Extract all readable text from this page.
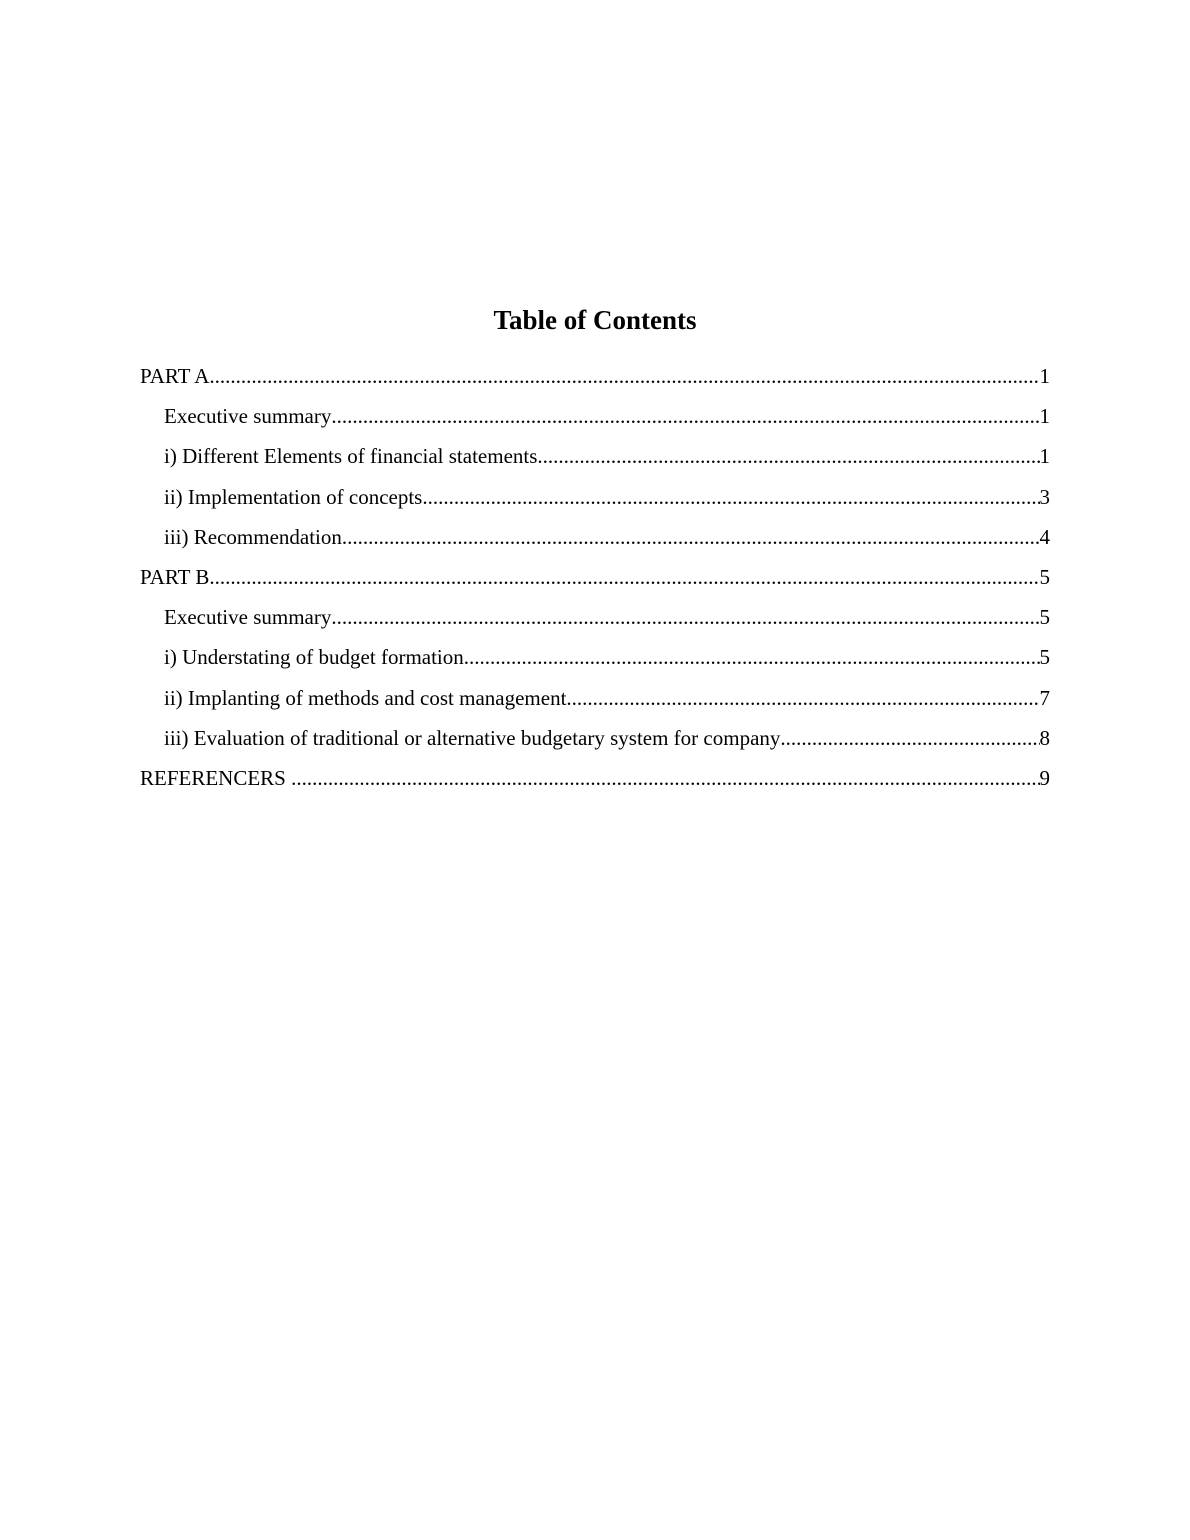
Table of Contents
PART A .....	1
Executive summary .....	1
i) Different Elements of financial statements .....	1
ii) Implementation of concepts .....	3
iii) Recommendation .....	4
PART B .....	5
Executive summary .....	5
i) Understating of budget formation .....	5
ii) Implanting of methods and cost management .....	7
iii) Evaluation of traditional or alternative budgetary system for company .....	8
REFERENCERS .....	9
